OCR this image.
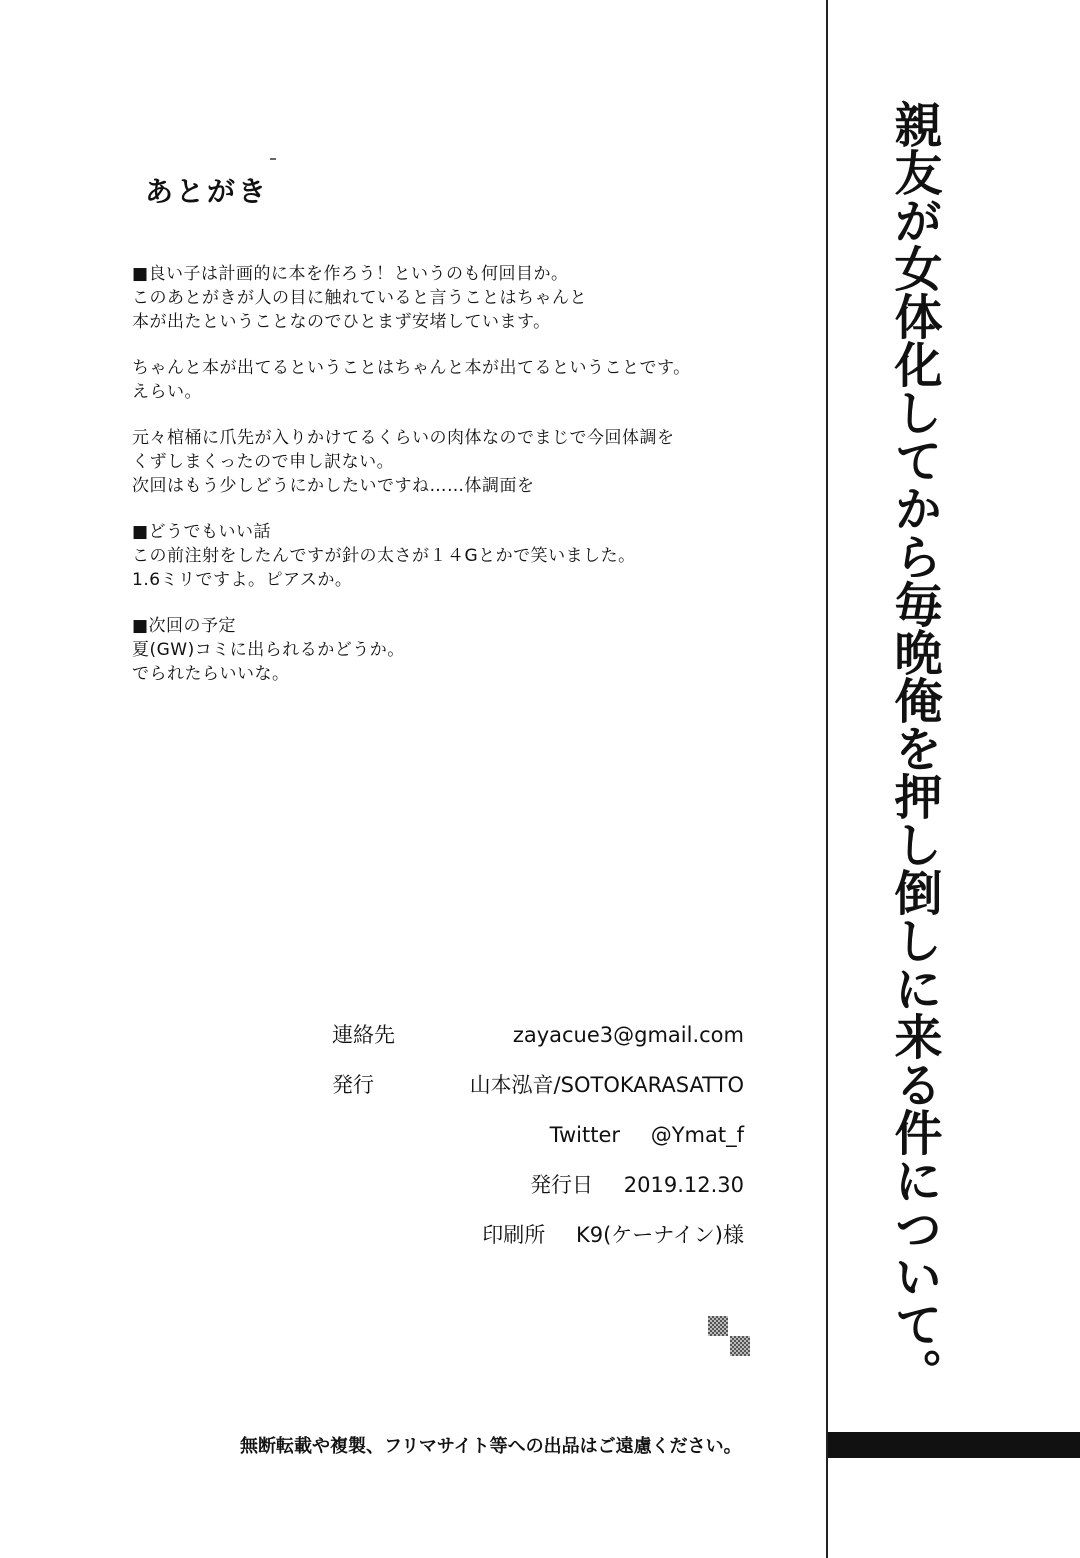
あとがき

■良い子は計画的に本を作ろう！というのも何回目か。
このあとがきが人の目に触れていると言うことはちゃんと
本が出たということなのでひとまず安堵しています。

ちゃんと本が出てるということはちゃんと本が出てるということです。
えらい。

元々棺桶に爪先が入りかけてるくらいの肉体なのでまじで今回体調を
くずしまくったので申し訳ない。
次回はもう少しどうにかしたいですね……体調面を

■どうでもいい話
この前注射をしたんですが針の太さが１４Gとかで笑いました。
1.6ミリですよ。ピアスか。

■次回の予定
夏(GW)コミに出られるかどうか。
でられたらいいな。

連絡先	zayacue3@gmail.com
発行	山本泓音/SOTOKARASATTO
Twitter @Ymat_f
発行日 2019.12.30
印刷所 K9(ケーナイン)様
無断転載や複製、フリマサイト等への出品はご遠慮ください。
親友が女体化してから毎晩俺を押し倒しに来る件について。
